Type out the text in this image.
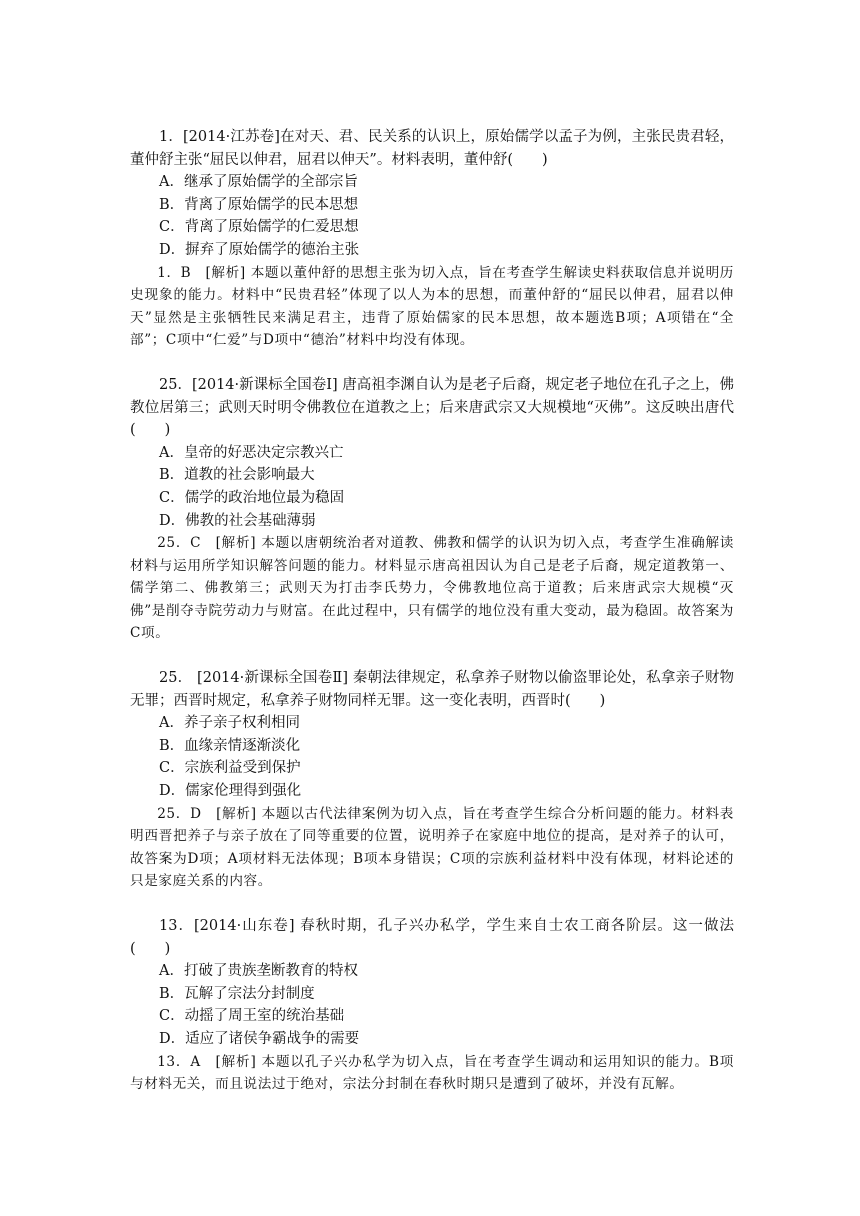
1．[2014·江苏卷]在对天、君、民关系的认识上，原始儒学以孟子为例，主张民贵君轻，董仲舒主张“屈民以伸君，屈君以伸天”。材料表明，董仲舒(　　)
A．继承了原始儒学的全部宗旨
B．背离了原始儒学的民本思想
C．背离了原始儒学的仁爱思想
D．摒弃了原始儒学的德治主张
1．B　[解析] 本题以董仲舒的思想主张为切入点，旨在考查学生解读史料获取信息并说明历史现象的能力。材料中“民贵君轻”体现了以人为本的思想，而董仲舒的“屈民以伸君，屈君以伸天”显然是主张牺牲民来满足君主，违背了原始儒家的民本思想，故本题选B项；A项错在“全部”；C项中“仁爱”与D项中“德治”材料中均没有体现。
25．[2014·新课标全国卷Ⅰ] 唐高祖李渊自认为是老子后裔，规定老子地位在孔子之上，佛教位居第三；武则天时明令佛教位在道教之上；后来唐武宗又大规模地“灭佛”。这反映出唐代(　　)
A．皇帝的好恶决定宗教兴亡
B．道教的社会影响最大
C．儒学的政治地位最为稳固
D．佛教的社会基础薄弱
25．C　[解析] 本题以唐朝统治者对道教、佛教和儒学的认识为切入点，考查学生准确解读材料与运用所学知识解答问题的能力。材料显示唐高祖因认为自己是老子后裔，规定道教第一、儒学第二、佛教第三；武则天为打击李氏势力，令佛教地位高于道教；后来唐武宗大规模“灭佛”是削夺寺院劳动力与财富。在此过程中，只有儒学的地位没有重大变动，最为稳固。故答案为C项。
25． [2014·新课标全国卷Ⅱ] 秦朝法律规定，私拿养子财物以偷盗罪论处，私拿亲子财物无罪；西晋时规定，私拿养子财物同样无罪。这一变化表明，西晋时(　　)
A．养子亲子权利相同
B．血缘亲情逐渐淡化
C．宗族利益受到保护
D．儒家伦理得到强化
25．D　[解析] 本题以古代法律案例为切入点，旨在考查学生综合分析问题的能力。材料表明西晋把养子与亲子放在了同等重要的位置，说明养子在家庭中地位的提高，是对养子的认可，故答案为D项；A项材料无法体现；B项本身错误；C项的宗族利益材料中没有体现，材料论述的只是家庭关系的内容。
13．[2014·山东卷] 春秋时期，孔子兴办私学，学生来自士农工商各阶层。这一做法(　　)
A．打破了贵族垄断教育的特权
B．瓦解了宗法分封制度
C．动摇了周王室的统治基础
D．适应了诸侯争霸战争的需要
13．A　[解析] 本题以孔子兴办私学为切入点，旨在考查学生调动和运用知识的能力。B项与材料无关，而且说法过于绝对，宗法分封制在春秋时期只是遭到了破坏，并没有瓦解。
